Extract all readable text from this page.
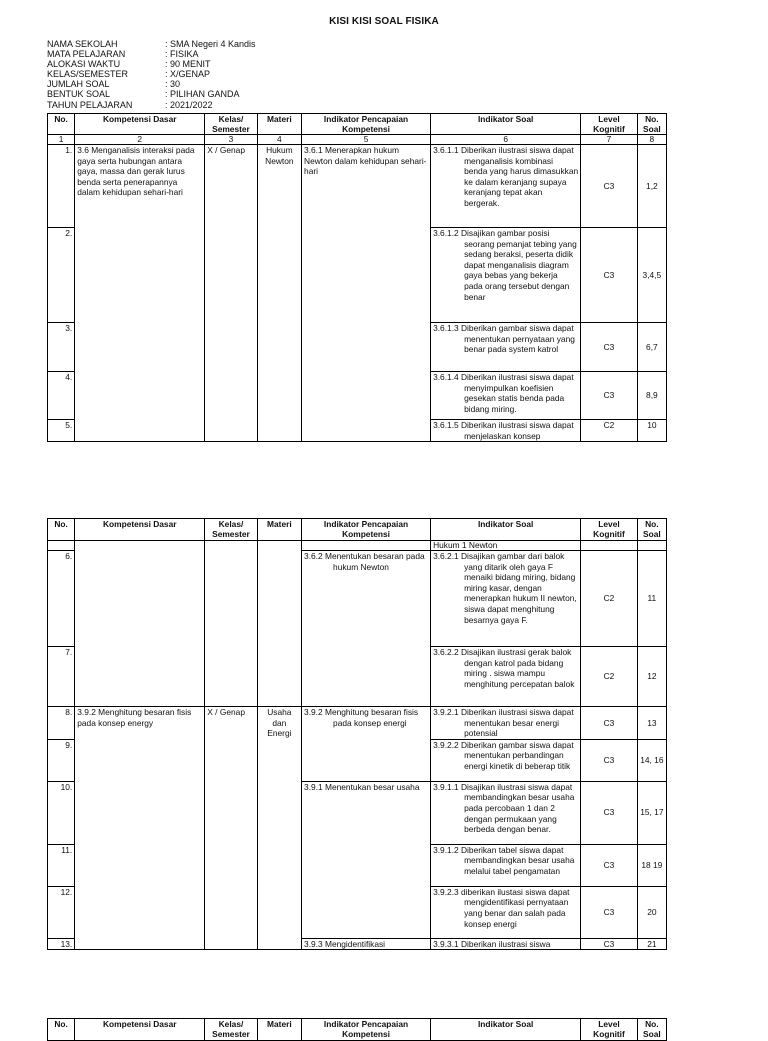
KISI KISI SOAL FISIKA
NAMA SEKOLAH	: SMA Negeri 4 Kandis
MATA PELAJARAN	: FISIKA
ALOKASI WAKTU	: 90 MENIT
KELAS/SEMESTER	: X/GENAP
JUMLAH SOAL	: 30
BENTUK SOAL	: PILIHAN GANDA
TAHUN PELAJARAN	: 2021/2022
No.	Kompetensi Dasar	Kelas/ Semester	Materi	Indikator Pencapaian Kompetensi	Indikator Soal	Level Kognitif	No. Soal
1	2	3	4	5	6	7	8
1.	3.6 Menganalisis interaksi pada gaya serta hubungan antara gaya, massa dan gerak lurus benda serta penerapannya dalam kehidupan sehari-hari	X / Genap	Hukum Newton	3.6.1 Menerapkan hukum Newton dalam kehidupan sehari-hari	3.6.1.1 Diberikan ilustrasi siswa dapat menganalisis kombinasi benda yang harus dimasukkan ke dalam keranjang supaya keranjang tepat akan bergerak.	C3	1,2
2.					3.6.1.2 Disajikan gambar posisi seorang pemanjat tebing yang sedang beraksi, peserta didik dapat menganalisis diagram gaya bebas yang bekerja pada orang tersebut dengan benar	C3	3,4,5
3.					3.6.1.3 Diberikan gambar siswa dapat menentukan pernyataan yang benar pada system katrol	C3	6,7
4.					3.6.1.4 Diberikan ilustrasi siswa dapat menyimpulkan koefisien gesekan statis benda pada bidang miring.	C3	8,9
5.					3.6.1.5 Diberikan ilustrasi siswa dapat menjelaskan konsep	C2	10
No.	Kompetensi Dasar	Kelas/ Semester	Materi	Indikator Pencapaian Kompetensi	Indikator Soal	Level Kognitif	No. Soal

					Hukum 1 Newton		

6.				3.6.2 Menentukan besaran pada hukum Newton	3.6.2.1 Disajikan gambar dari balok yang ditarik oleh gaya F menaiki bidang miring, bidang miring kasar, dengan menerapkan hukum II newton, siswa dapat menghitung besarnya gaya F.	C2	11
7.					3.6.2.2 Disajikan ilustrasi gerak balok dengan katrol pada bidang miring . siswa mampu menghitung percepatan balok	C2	12
8.	3.9.2 Menghitung besaran fisis pada konsep energy	X / Genap	Usaha dan Energi	3.9.2 Menghitung besaran fisis pada konsep energi	3.9.2.1 Diberikan ilustrasi siswa dapat menentukan besar energi potensial	C3	13
9.					3.9.2.2 Diberikan gambar siswa dapat menentukan perbandingan energi kinetik di beberap titik	C3	14, 16
10.				3.9.1 Menentukan besar usaha	3.9.1.1 Disajikan ilustrasi siswa dapat membandingkan besar usaha pada percobaan 1 dan 2 dengan permukaan yang berbeda dengan benar.	C3	15, 17
11.					3.9.1.2 Diberikan tabel siswa dapat membandingkan besar usaha melalui tabel pengamatan	C3	18 19
12.					3.9.2.3 diberikan ilustasi siswa dapat mengidentifikasi pernyataan yang benar dan salah pada konsep energi	C3	20
13.				3.9.3 Mengidentifikasi	3.9.3.1 Diberikan ilustrasi siswa	C3	21
No.	Kompetensi Dasar	Kelas/ Semester	Materi	Indikator Pencapaian Kompetensi	Indikator Soal	Level Kognitif	No. Soal
